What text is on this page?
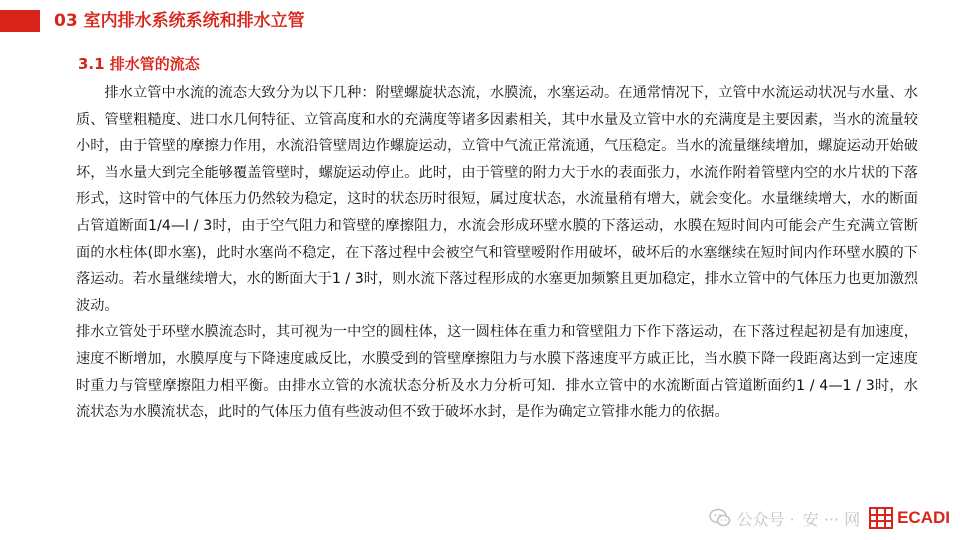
03 室内排水系统系统和排水立管
3.1 排水管的流态

排水立管中水流的流态大致分为以下几种：附壁螺旋状态流，水膜流，水塞运动。在通常情况下，立管中水流运动状况与水量、水质、管壁粗糙度、进口水几何特征、立管高度和水的充满度等诸多因素相关，其中水量及立管中水的充满度是主要因素，当水的流量较小时，由于管壁的摩擦力作用，水流沿管壁周边作螺旋运动，立管中气流正常流通，气压稳定。当水的流量继续增加，螺旋运动开始破坏，当水量大到完全能够覆盖管壁时，螺旋运动停止。此时，由于管壁的附力大于水的表面张力，水流作附着管壁内空的水片状的下落形式，这时管中的气体压力仍然较为稳定，这时的状态历时很短，属过度状态，水流量稍有增大，就会变化。水量继续增大，水的断面占管道断面1/4—l / 3时，由于空气阻力和管壁的摩擦阻力，水流会形成环壁水膜的下落运动，水膜在短时间内可能会产生充满立管断面的水柱体(即水塞)，此时水塞尚不稳定，在下落过程中会被空气和管壁嗳附作用破坏，破坏后的水塞继续在短时间内作环壁水膜的下落运动。若水量继续增大，水的断面大于1 / 3时，则水流下落过程形成的水塞更加频繁且更加稳定，排水立管中的气体压力也更加激烈波动。

排水立管处于环壁水膜流态时，其可视为一中空的圆柱体，这一圆柱体在重力和管壁阻力下作下落运动，在下落过程起初是有加速度，速度不断增加，水膜厚度与下降速度戚反比，水膜受到的管壁摩擦阻力与水膜下落速度平方戚正比，当水膜下降一段距离达到一定速度时重力与管壁摩擦阻力相平衡。由排水立管的水流状态分析及水力分析可知．排水立管中的水流断面占管道断面约1 / 4—1 / 3时，水流状态为水膜流状态，此时的气体压力值有些波动但不致于破坏水封，是作为确定立管排水能力的依据。

公众号 · 安 ··· 网 ECADI
